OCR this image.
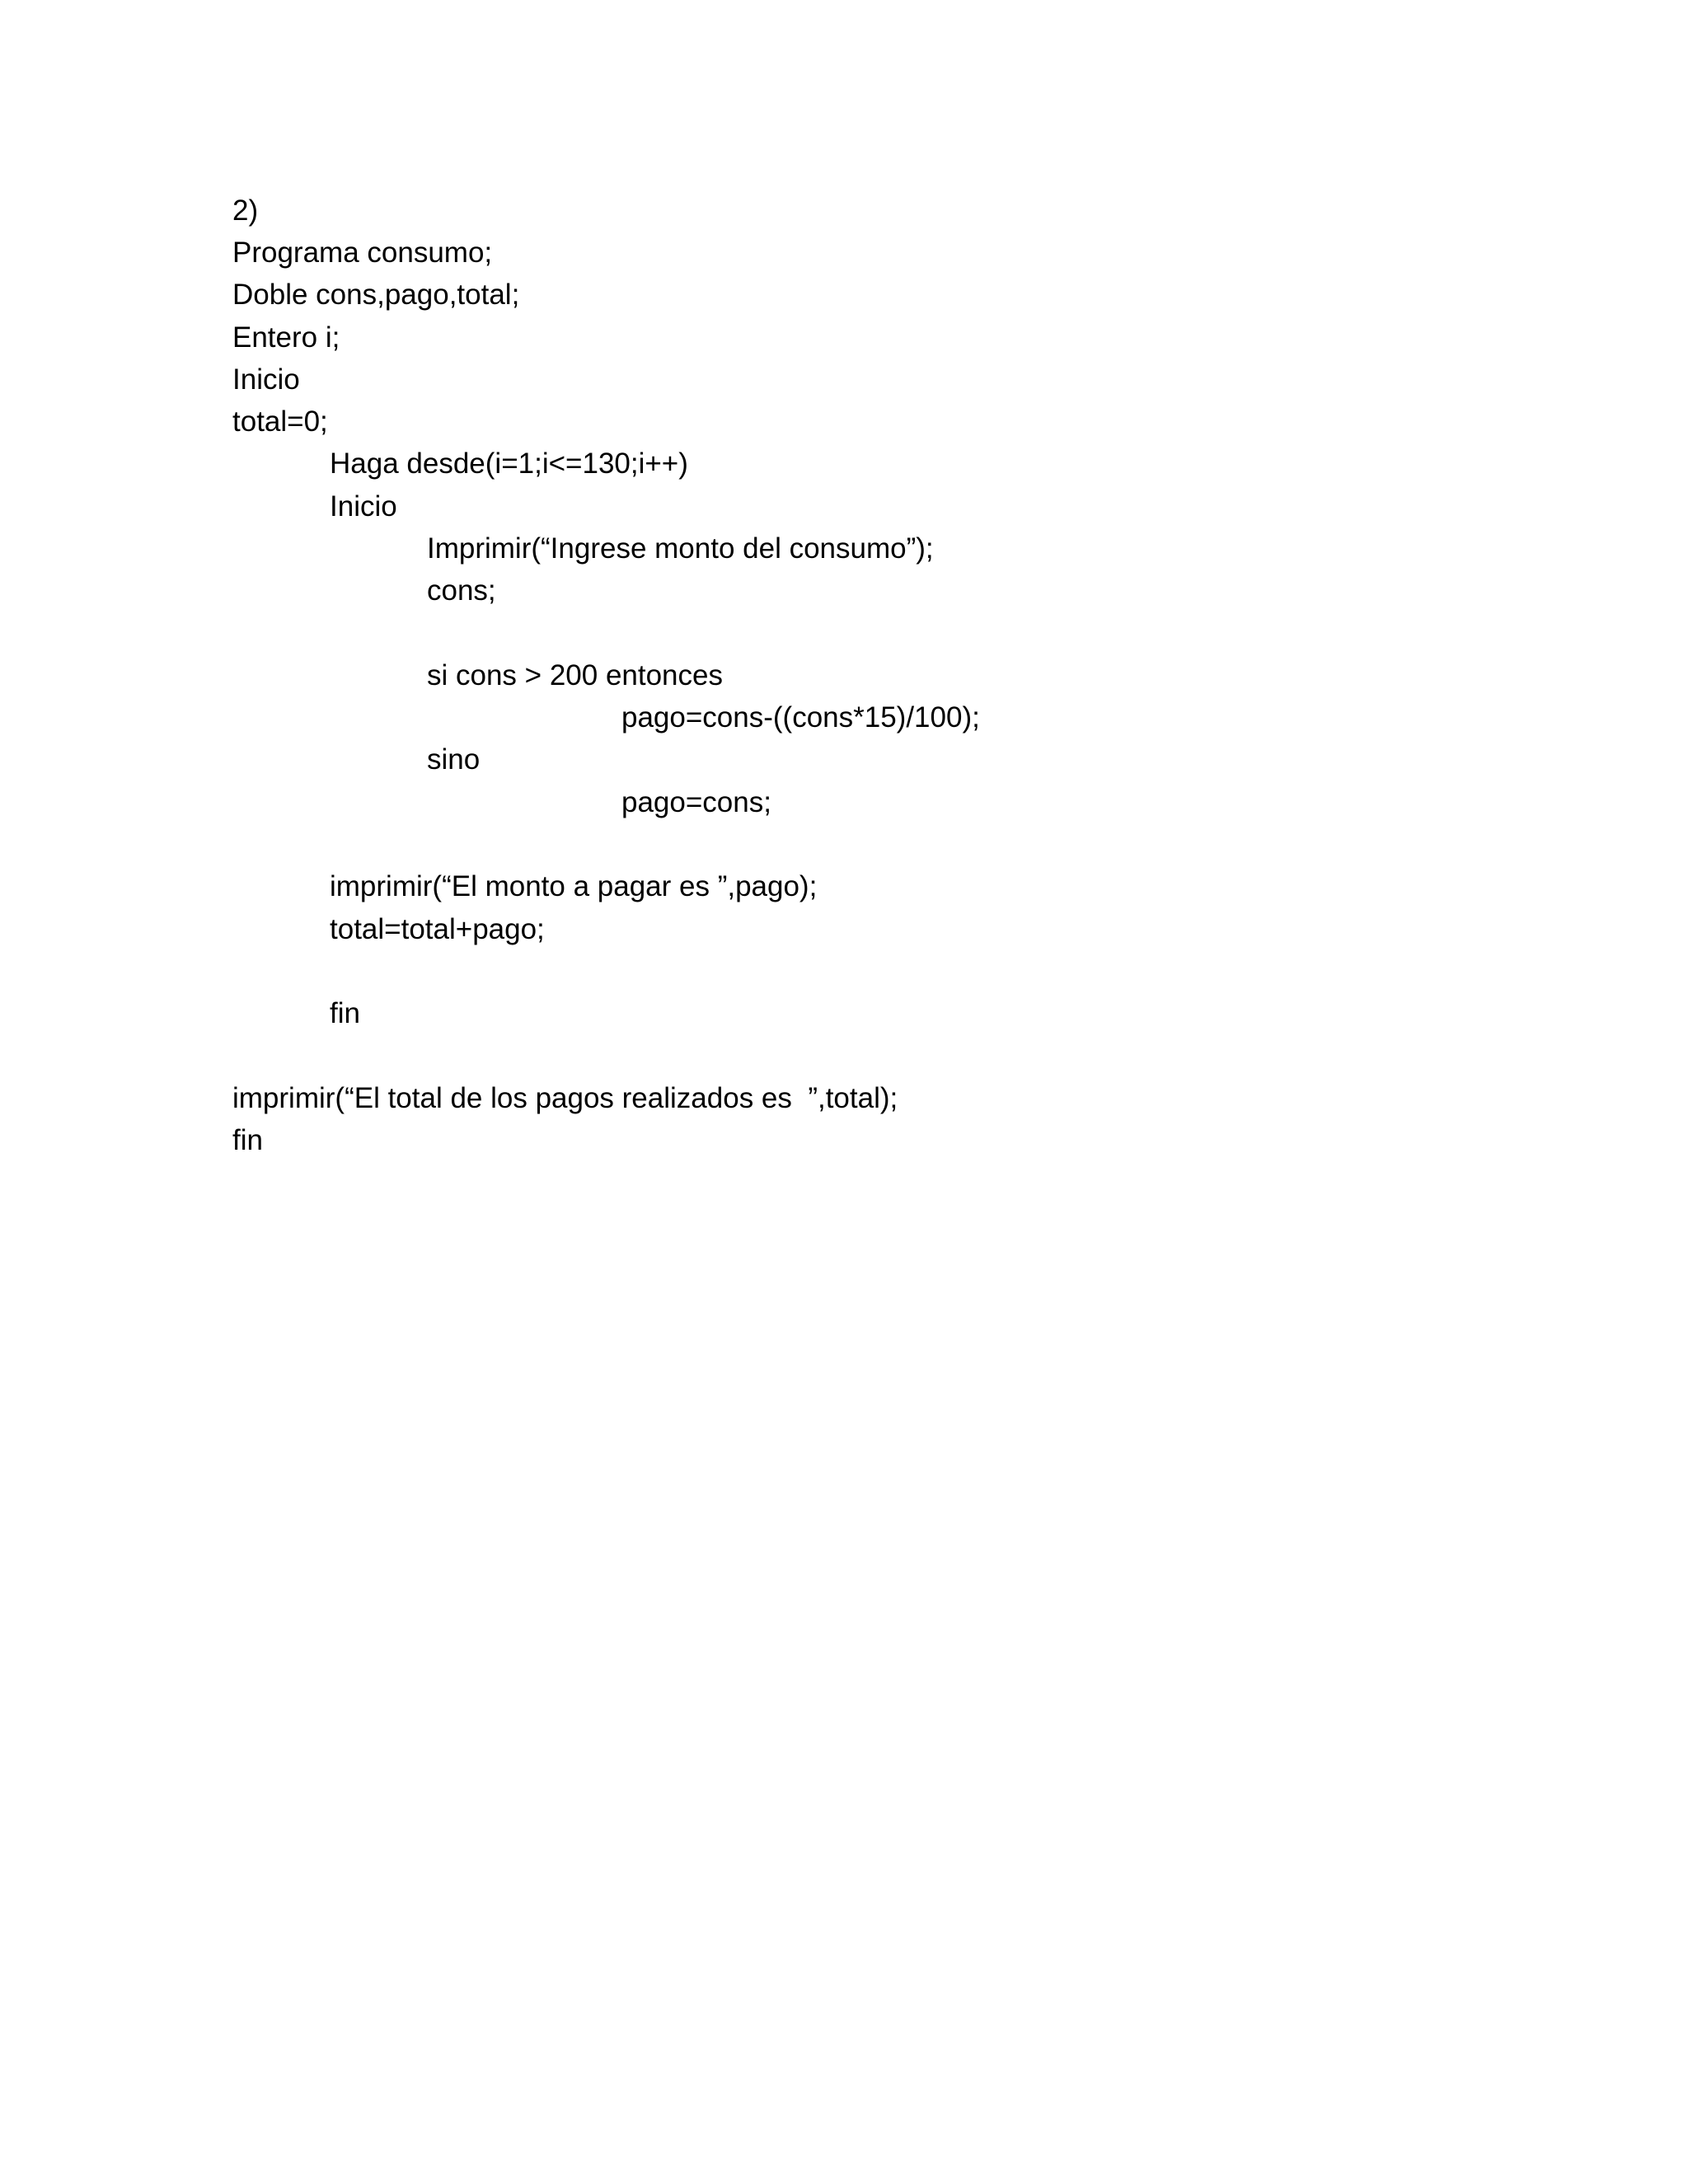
2)

Programa consumo;

Doble cons,pago,total;

Entero i;

Inicio

total=0;

Haga desde(i=1;i<=130;i++)

Inicio

Imprimir(“Ingrese monto del consumo”);

cons;

si cons > 200 entonces

pago=cons-((cons*15)/100);

sino

pago=cons;

imprimir(“El monto a pagar es ”,pago);

total=total+pago;

fin

imprimir(“El total de los pagos realizados es  ”,total);

fin
